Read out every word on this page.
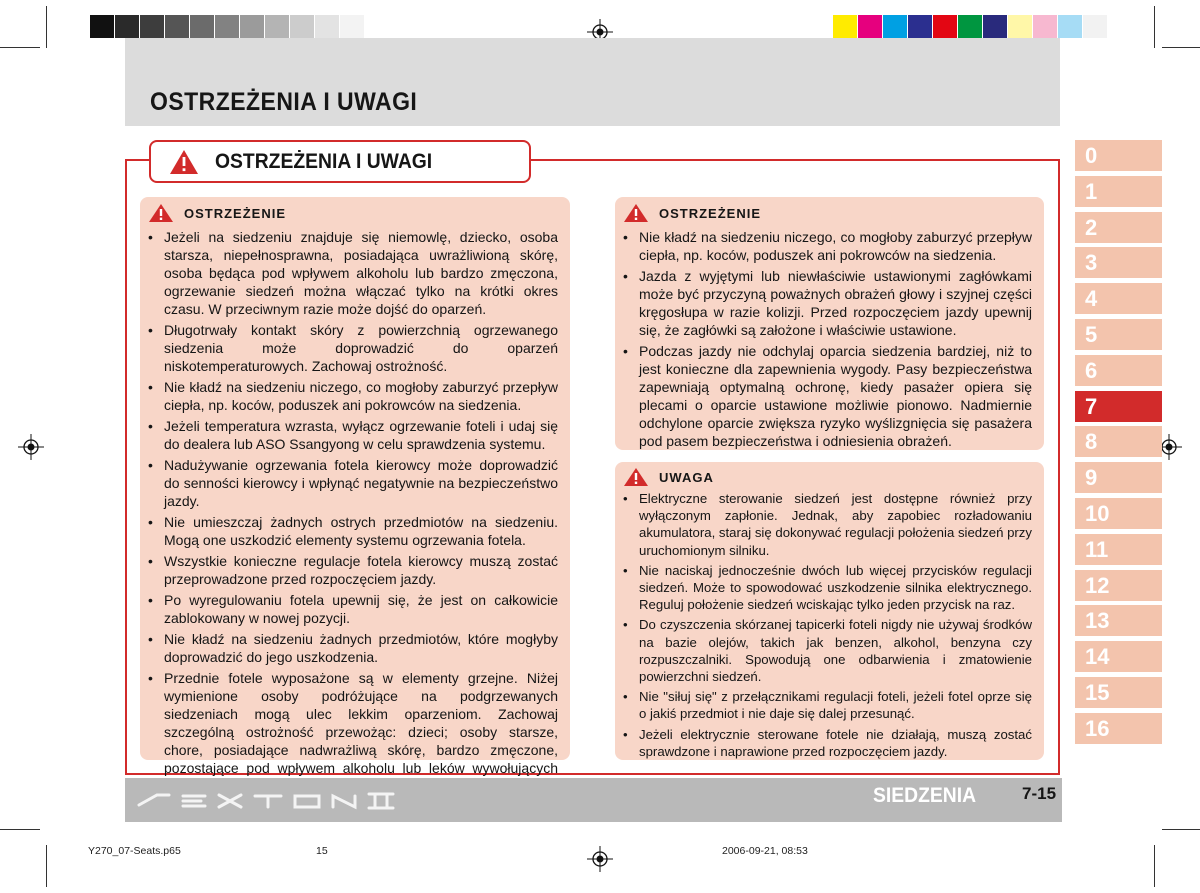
OSTRZEŻENIA I UWAGI
OSTRZEŻENIA I UWAGI
OSTRZEŻENIE
• Jeżeli na siedzeniu znajduje się niemowlę, dziecko, osoba starsza, niepełnosprawna, posiadająca uwrażliwioną skórę, osoba będąca pod wpływem alkoholu lub bardzo zmęczona, ogrzewanie siedzeń można włączać tylko na krótki okres czasu. W przeciwnym razie może dojść do oparzeń.
• Długotrwały kontakt skóry z powierzchnią ogrzewanego siedzenia może doprowadzić do oparzeń niskotemperaturowych. Zachowaj ostrożność.
• Nie kładź na siedzeniu niczego, co mogłoby zaburzyć przepływ ciepła, np. koców, poduszek ani pokrowców na siedzenia.
• Jeżeli temperatura wzrasta, wyłącz ogrzewanie foteli i udaj się do dealera lub ASO Ssangyong w celu sprawdzenia systemu.
• Nadużywanie ogrzewania fotela kierowcy może doprowadzić do senności kierowcy i wpłynąć negatywnie na bezpieczeństwo jazdy.
• Nie umieszczaj żadnych ostrych przedmiotów na siedzeniu. Mogą one uszkodzić elementy systemu ogrzewania fotela.
• Wszystkie konieczne regulacje fotela kierowcy muszą zostać przeprowadzone przed rozpoczęciem jazdy.
• Po wyregulowaniu fotela upewnij się, że jest on całkowicie zablokowany w nowej pozycji.
• Nie kładź na siedzeniu żadnych przedmiotów, które mogłyby doprowadzić do jego uszkodzenia.
• Przednie fotele wyposażone są w elementy grzejne. Niżej wymienione osoby podróżujące na podgrzewanych siedzeniach mogą ulec lekkim oparzeniom. Zachowaj szczególną ostrożność przewożąc: dzieci; osoby starsze, chore, posiadające nadwrażliwą skórę, bardzo zmęczone, pozostające pod wpływem alkoholu lub leków wywołujących
OSTRZEŻENIE
• Nie kładź na siedzeniu niczego, co mogłoby zaburzyć przepływ ciepła, np. koców, poduszek ani pokrowców na siedzenia.
• Jazda z wyjętymi lub niewłaściwie ustawionymi zagłówkami może być przyczyną poważnych obrażeń głowy i szyjnej części kręgosłupa w razie kolizji. Przed rozpoczęciem jazdy upewnij się, że zagłówki są założone i właściwie ustawione.
• Podczas jazdy nie odchylaj oparcia siedzenia bardziej, niż to jest konieczne dla zapewnienia wygody. Pasy bezpieczeństwa zapewniają optymalną ochronę, kiedy pasażer opiera się plecami o oparcie ustawione możliwie pionowo. Nadmiernie odchylone oparcie zwiększa ryzyko wyślizgnięcia się pasażera pod pasem bezpieczeństwa i odniesienia obrażeń.
UWAGA
• Elektryczne sterowanie siedzeń jest dostępne również przy wyłączonym zapłonie. Jednak, aby zapobiec rozładowaniu akumulatora, staraj się dokonywać regulacji położenia siedzeń przy uruchomionym silniku.
• Nie naciskaj jednocześnie dwóch lub więcej przycisków regulacji siedzeń. Może to spowodować uszkodzenie silnika elektrycznego. Reguluj położenie siedzeń wciskając tylko jeden przycisk na raz.
• Do czyszczenia skórzanej tapicerki foteli nigdy nie używaj środków na bazie olejów, takich jak benzen, alkohol, benzyna czy rozpuszczalniki. Spowodują one odbarwienia i zmatowienie powierzchni siedzeń.
• Nie "siłuj się" z przełącznikami regulacji foteli, jeżeli fotel oprze się o jakiś przedmiot i nie daje się dalej przesunąć.
• Jeżeli elektrycznie sterowane fotele nie działają, muszą zostać sprawdzone i naprawione przed rozpoczęciem jazdy.
0
1
2
3
4
5
6
7
8
9
10
11
12
13
14
15
16
SIEDZENIA	7-15
Y270_07-Seats.p65	15	2006-09-21, 08:53
